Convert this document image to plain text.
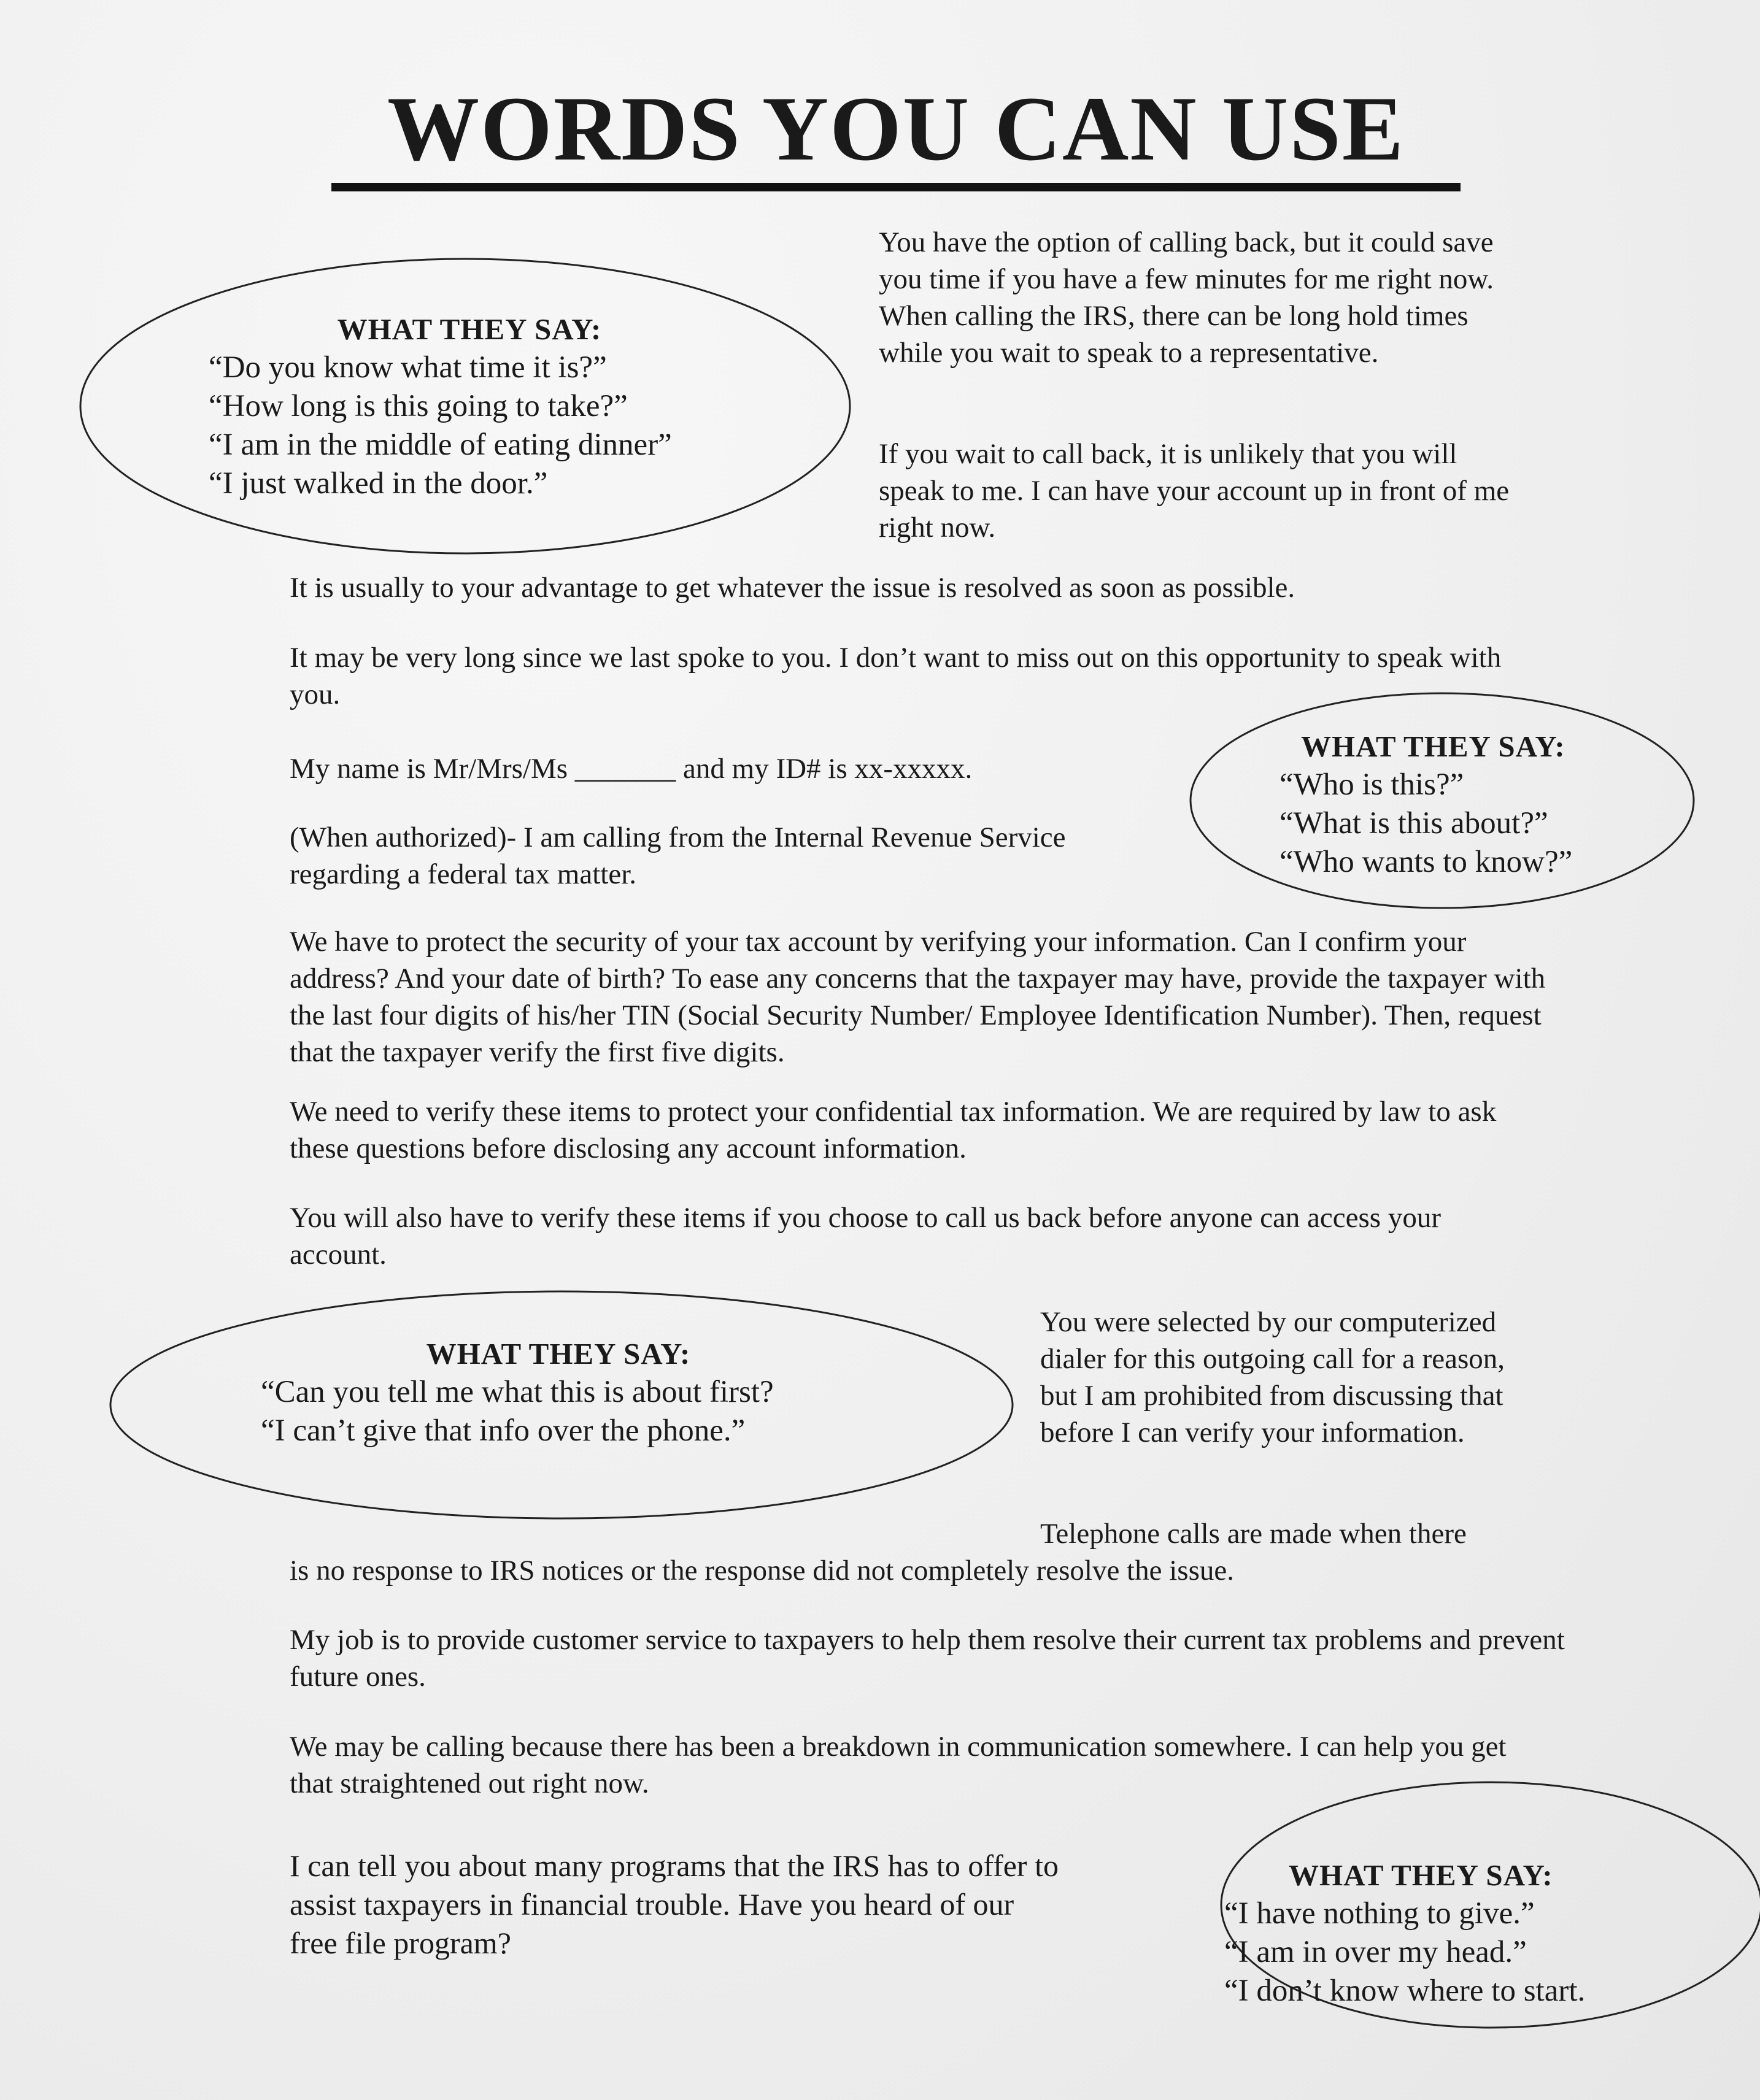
WORDS YOU CAN USE
WHAT THEY SAY:
“Do you know what time it is?”
“How long is this going to take?”
“I am in the middle of eating dinner”
“I just walked in the door.”
You have the option of calling back, but it could save you time if you have a few minutes for me right now. When calling the IRS, there can be long hold times while you wait to speak to a representative.
If you wait to call back, it is unlikely that you will speak to me. I can have your account up in front of me right now.
It is usually to your advantage to get whatever the issue is resolved as soon as possible.
It may be very long since we last spoke to you. I don’t want to miss out on this opportunity to speak with you.
My name is Mr/Mrs/Ms _______ and my ID# is xx-xxxxx.
(When authorized)- I am calling from the Internal Revenue Service regarding a federal tax matter.
WHAT THEY SAY:
“Who is this?”
“What is this about?”
“Who wants to know?”
We have to protect the security of your tax account by verifying your information. Can I confirm your address? And your date of birth? To ease any concerns that the taxpayer may have, provide the taxpayer with the last four digits of his/her TIN (Social Security Number/ Employee Identification Number). Then, request that the taxpayer verify the first five digits.
We need to verify these items to protect your confidential tax information. We are required by law to ask these questions before disclosing any account information.
You will also have to verify these items if you choose to call us back before anyone can access your account.
WHAT THEY SAY:
“Can you tell me what this is about first?
“I can’t give that info over the phone.”
You were selected by our computerized dialer for this outgoing call for a reason, but I am prohibited from discussing that before I can verify your information.
Telephone calls are made when there
is no response to IRS notices or the response did not completely resolve the issue.
My job is to provide customer service to taxpayers to help them resolve their current tax problems and prevent future ones.
We may be calling because there has been a breakdown in communication somewhere. I can help you get that straightened out right now.
I can tell you about many programs that the IRS has to offer to assist taxpayers in financial trouble. Have you heard of our free file program?
WHAT THEY SAY:
“I have nothing to give.”
“I am in over my head.”
“I don’t know where to start.
